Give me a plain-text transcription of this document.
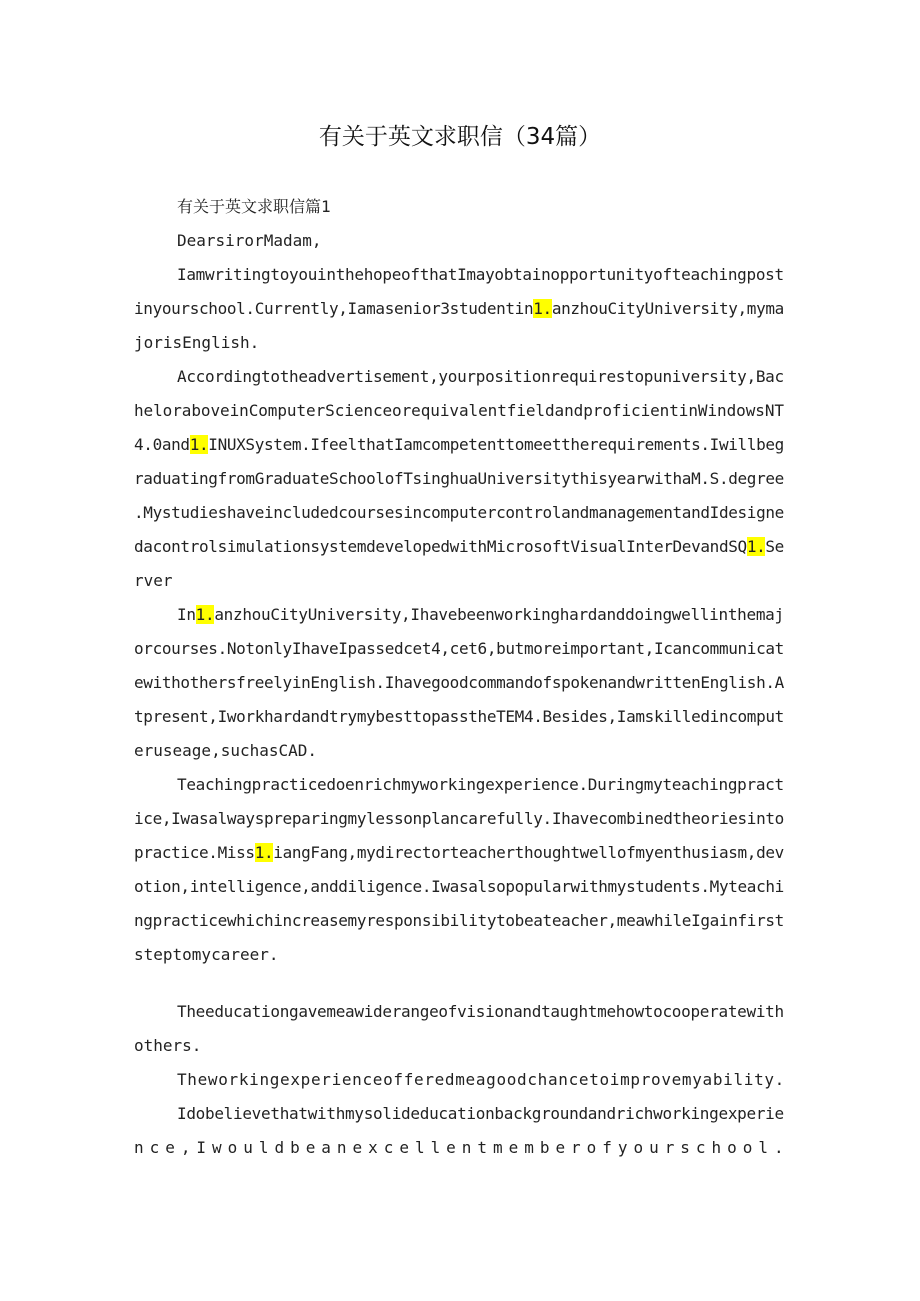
有关于英文求职信（34篇）
有关于英文求职信篇1
DearsirorMadam,
IamwritingtoyouinthehopeofthatImayobtainopportunityofteachingpost
inyourschool.Currently,Iamasenior3studentin1.anzhouCityUniversity,myma
jorisEnglish.
Accordingtotheadvertisement,yourpositionrequirestopuniversity,Bac
heloraboveinComputerScienceorequivalentfieldandproficientinWindowsNT
4.0and1.INUXSystem.IfeelthatIamcompetenttomeettherequirements.Iwillbeg
raduatingfromGraduateSchoolofTsinghuaUniversitythisyearwithaM.S.degree
.MystudieshaveincludedcoursesincomputercontrolandmanagementandIdesigne
dacontrolsimulationsystemdevelopedwithMicrosoftVisualInterDevandSQ1.Se
rver
In1.anzhouCityUniversity,Ihavebeenworkinghardanddoingwellinthemaj
orcourses.NotonlyIhaveIpassedcet4,cet6,butmoreimportant,Icancommunicat
ewithothersfreelyinEnglish.IhavegoodcommandofspokenandwrittenEnglish.A
tpresent,IworkhardandtrymybesttopasstheTEM4.Besides,Iamskilledincomput
eruseage,suchasCAD.
Teachingpracticedoenrichmyworkingexperience.Duringmyteachingpract
ice,Iwasalwayspreparingmylessonplancarefully.Ihavecombinedtheoriesinto
practice.Miss1.iangFang,mydirectorteacherthoughtwellofmyenthusiasm,dev
otion,intelligence,anddiligence.Iwasalsopopularwithmystudents.Myteachi
ngpracticewhichincreasemyresponsibilitytobeateacher,meawhileIgainfirst
steptomycareer.
Theeducationgavemeawiderangeofvisionandtaughtmehowtocooperatewith
others.
Theworkingexperienceofferedmeagoodchancetoimprovemyability.
Idobelievethatwithmysolideducationbackgroundandrichworkingexperie
nce,Iwouldbeanexcellentmemberofyourschool.
